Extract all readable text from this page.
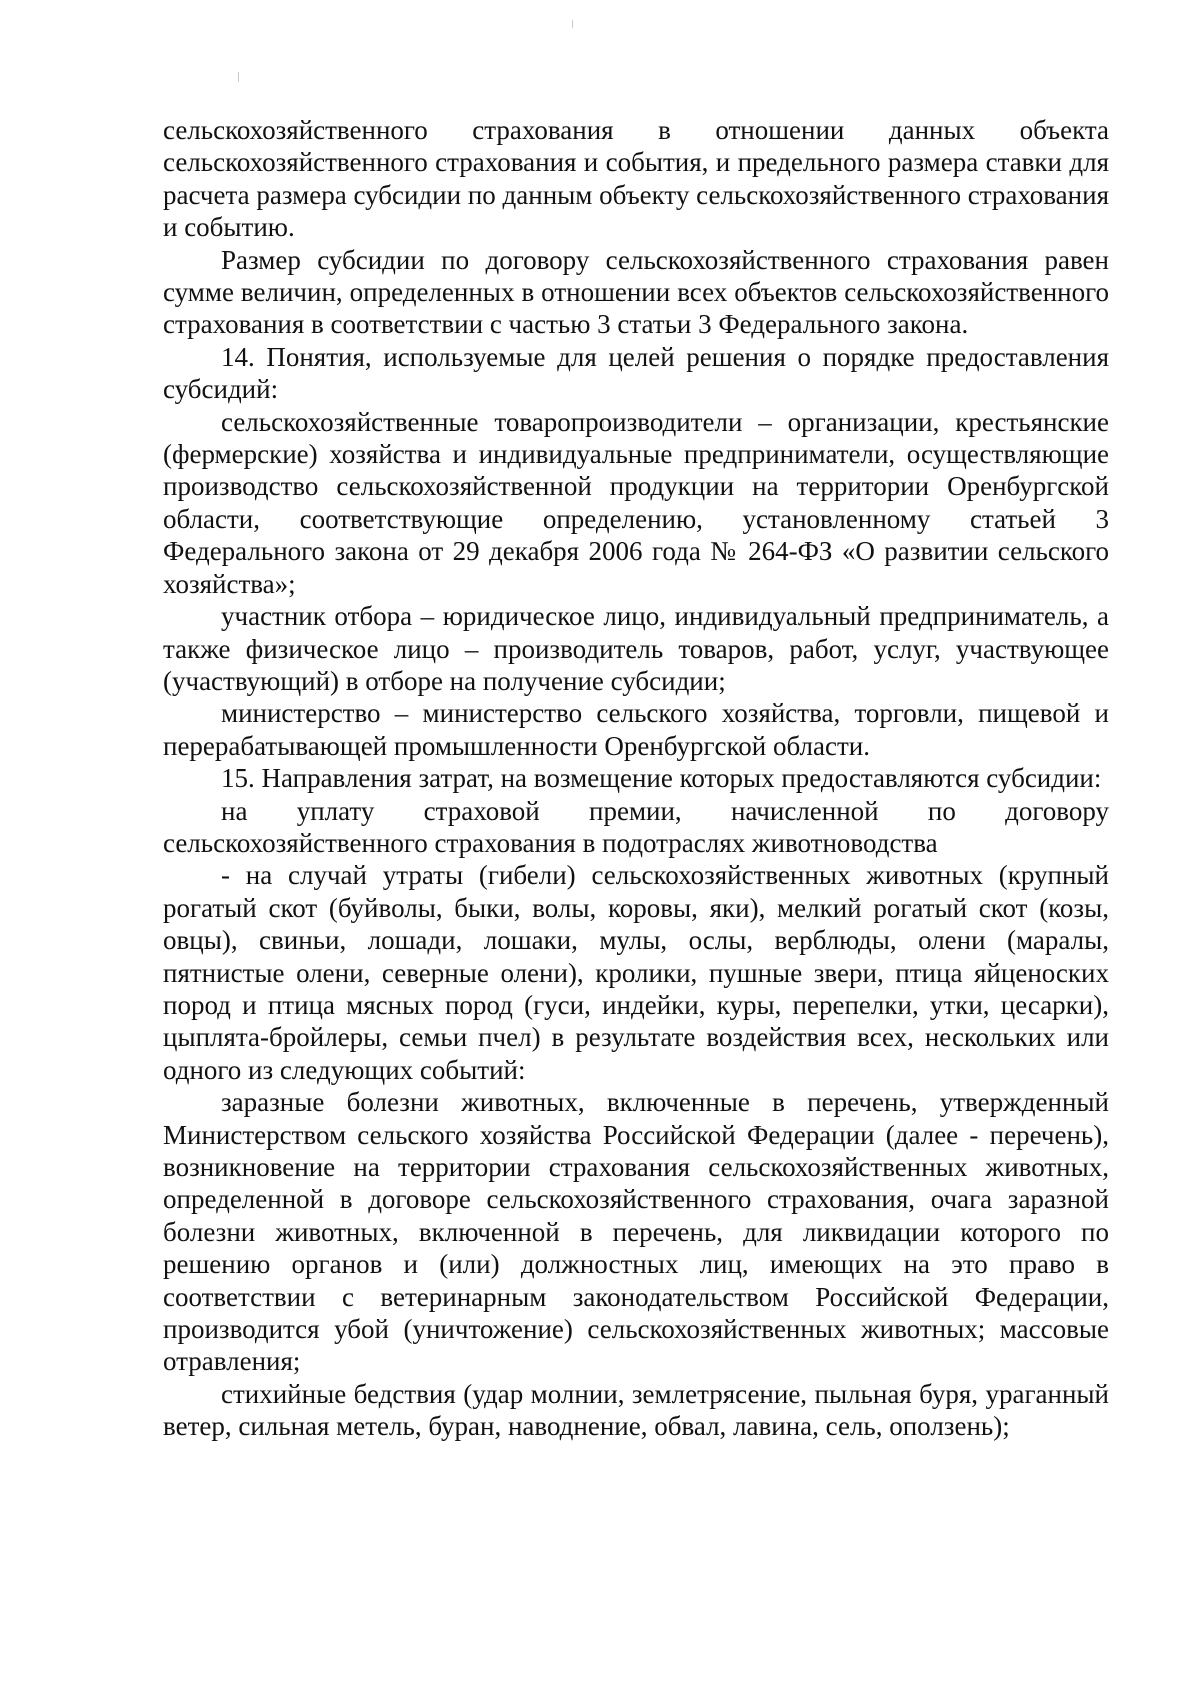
сельскохозяйственного страхования в отношении данных объекта сельскохозяйственного страхования и события, и предельного размера ставки для расчета размера субсидии по данным объекту сельскохозяйственного страхования и событию.

Размер субсидии по договору сельскохозяйственного страхования равен сумме величин, определенных в отношении всех объектов сельскохозяйственного страхования в соответствии с частью 3 статьи 3 Федерального закона.

14. Понятия, используемые для целей решения о порядке предоставления субсидий:

сельскохозяйственные товаропроизводители – организации, крестьянские (фермерские) хозяйства и индивидуальные предприниматели, осуществляющие производство сельскохозяйственной продукции на территории Оренбургской области, соответствующие определению, установленному статьей 3 Федерального закона от 29 декабря 2006 года № 264-ФЗ «О развитии сельского хозяйства»;

участник отбора – юридическое лицо, индивидуальный предприниматель, а также физическое лицо – производитель товаров, работ, услуг, участвующее (участвующий) в отборе на получение субсидии;

министерство – министерство сельского хозяйства, торговли, пищевой и перерабатывающей промышленности Оренбургской области.

15. Направления затрат, на возмещение которых предоставляются субсидии:

на уплату страховой премии, начисленной по договору сельскохозяйственного страхования в подотраслях животноводства

- на случай утраты (гибели) сельскохозяйственных животных (крупный рогатый скот (буйволы, быки, волы, коровы, яки), мелкий рогатый скот (козы, овцы), свиньи, лошади, лошаки, мулы, ослы, верблюды, олени (маралы, пятнистые олени, северные олени), кролики, пушные звери, птица яйценоских пород и птица мясных пород (гуси, индейки, куры, перепелки, утки, цесарки), цыплята-бройлеры, семьи пчел) в результате воздействия всех, нескольких или одного из следующих событий:

заразные болезни животных, включенные в перечень, утвержденный Министерством сельского хозяйства Российской Федерации (далее - перечень), возникновение на территории страхования сельскохозяйственных животных, определенной в договоре сельскохозяйственного страхования, очага заразной болезни животных, включенной в перечень, для ликвидации которого по решению органов и (или) должностных лиц, имеющих на это право в соответствии с ветеринарным законодательством Российской Федерации, производится убой (уничтожение) сельскохозяйственных животных; массовые отравления;

стихийные бедствия (удар молнии, землетрясение, пыльная буря, ураганный ветер, сильная метель, буран, наводнение, обвал, лавина, сель, оползень);
